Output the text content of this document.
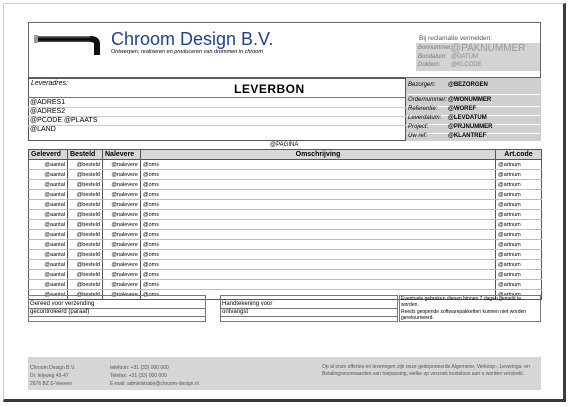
Chroom Design B.V.
Ontwerpen, realiseren en produceren van drommen in chroom
Bij reclamatie vermelden:
Bonnummer:
@PAKNUMMER
Bondatum: @DATUM
Dokbon: @KLCODE
Leveradres:	LEVERBON
@ADRES1
@ADRES2
@PCODE @PLAATS
@LAND
Bezorgen:	@BEZORGEN
Ordernummer: @WONUMMER
Referentie:	@WOREF
Leverdatum:	@LEVDATUM
Project:	@PRJNUMMER
Uw ref:	@KLANTREF
@PAGINA
Geleverd	Besteld	Nalevere	Omschrijving	Art.code
@aantal	@besteld	@nalevere	@oms	@artnum
@aantal	@besteld	@nalevere	@oms	@artnum
@aantal	@besteld	@nalevere	@oms	@artnum
@aantal	@besteld	@nalevere	@oms	@artnum
@aantal	@besteld	@nalevere	@oms	@artnum
@aantal	@besteld	@nalevere	@oms	@artnum
@aantal	@besteld	@nalevere	@oms	@artnum
@aantal	@besteld	@nalevere	@oms	@artnum
@aantal	@besteld	@nalevere	@oms	@artnum
@aantal	@besteld	@nalevere	@oms	@artnum
@aantal	@besteld	@nalevere	@oms	@artnum
@aantal	@besteld	@nalevere	@oms	@artnum
@aantal	@besteld	@nalevere	@oms	@artnum
@aantal	@besteld	@nalevere	@oms	@artnum
Gereed voor verzending
gecontroleerd (paraaf)
Handtekening voor
ontvangst
Eventuele gebreken dienen binnen 7 dagen gemeld te worden.
Reeds geopende softwarepakketten kunnen niet worden geretourneerd.
Chroom Design B.V.
Dr. lelyweg 45-47
2676 BZ S-Veeven
telefoon: +31 (33) 000 000
Telefax: +31 (33) 000 000
E-mail: administratie@chroom-design.nl
Op al onze offertes en leveringen zijn onze gedeponeerde Algemene, Verkoop-, Leverings- en Betalingsvoorwaarden van toepassing, welke op verzoek kosteloos aan u worden verstrekt.
